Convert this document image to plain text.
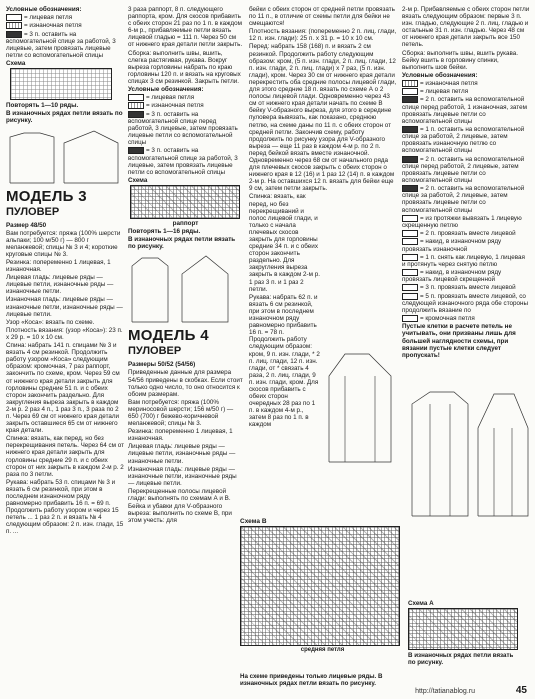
Условные обозначения:

= лицевая петля

= изнаночная петля

= 3 п. оставить на вспомогательной спице за работой, 3 лицевые, затем провязать лицевые петли со вспомогательной спицы

Схема

Повторять 1—10 ряды.

В изнаночных рядах петли вязать по рисунку.

МОДЕЛЬ 3
ПУЛОВЕР

Размер 48/50

Вам потребуется: пряжа (100% шерсти альпаки; 100 м/50 г) — 800 г меланжевой; спицы № 3 и 4; короткие круговые спицы № 3.

Резинка: попеременно 1 лицевая, 1 изнаночная.

Лицевая гладь: лицевые ряды — лицевые петли, изнаночные ряды — изнаночные петли.

Изнаночная гладь: лицевые ряды — изнаночные петли, изнаночные ряды — лицевые петли.

Узор «Коса»: вязать по схеме.

Плотность вязания: (узор «Коса»): 23 п. x 29 р. = 10 x 10 см.

Спина: набрать 141 п. спицами № 3 и вязать 4 см резинкой. Продолжить работу узором «Коса» следующим образом: кромочная, 7 раз раппорт, закончить по схеме, кром. Через 59 см от нижнего края детали закрыть для горловины средние 51 п. и с обеих сторон закончить раздельно. Для закругления выреза закрыть в каждом 2-м р. 2 раз 4 п., 1 раз 3 п., 3 раза по 2 п. Через 69 см от нижнего края детали закрыть оставшиеся 65 см от нижнего края детали.

Спинка: вязать, как перед, но без перекрещивания петель. Через 64 см от нижнего края детали закрыть для горловины средние 29 п. и с обеих сторон от них закрыть в каждом 2-м р. 2 раза по 3 петли.

Рукава: набрать 53 п. спицами № 3 и вязать 6 см резинкой, при этом в последнем изнаночном ряду равномерно прибавить 16 п. = 69 п. Продолжить работу узором и через 15 петель ... 1 раз 2 п. и вязать № 4 следующим образом: 2 п. изн. глади, 15 п. ...

3 раза раппорт, 8 п. следующего раппорта, кром. Для скосов прибавить с обеих сторон 21 раз по 1 п. в каждом 6-м р., прибавляемые петли вязать лицевой гладью = 111 п. Через 50 см от нижнего края детали петли закрыть.

Сборка: выполнить швы, вшить, слегка растягивая, рукава. Вокруг выреза горловины набрать по краю горловины 120 п. и вязать на круговых спицах 3 см резинкой. Закрыть петли.

Условные обозначения:

= лицевая петля

= изнаночная петля

= 3 п. оставить на вспомогательной спице перед работой, 3 лицевые, затем провязать лицевые петли со вспомогательной спицы

= 3 п. оставить на вспомогательной спице за работой, 3 лицевые, затем провязать лицевые петли со вспомогательной спицы

Схема

раппорт

Повторять 1—16 ряды.

В изнаночных рядах петли вязать по рисунку.

МОДЕЛЬ 4
ПУЛОВЕР

Размеры 50/52 (54/56)

Приведенные данные для размера 54/56 приведены в скобках. Если стоит только одно число, то оно относится к обоим размерам.

Вам потребуется: пряжа (100% мериносовой шерсти; 156 м/50 г) — 650 (700) г бежево-коричневой меланжевой; спицы № 3.

Резинка: попеременно 1 лицевая, 1 изнаночная.

Лицевая гладь: лицевые ряды — лицевые петли, изнаночные ряды — изнаночные петли.

Изнаночная гладь: лицевые ряды — изнаночные петли, изнаночные ряды — лицевые петли.

Перекрещенные полосы лицевой глади: выполнять по схемам А и В.

Бейка и убавки для V-образного выреза: выполнить по схеме В, при этом учесть: для

бейки с обеих сторон от средней петли провязать по 11 п., в отличие от схемы петли для бейки не смещаются!

Плотность вязания: (попеременно 2 п. лиц. глади, 12 п. изн. глади): 25 п. x 31 р. = 10 x 10 см.

Перед: набрать 158 (168) п. и вязать 2 см резинкой. Продолжить работу следующим образом: кром, (5 п. изн. глади, 2 п. лиц. глади, 12 п. изн. глади, 2 п. лиц. глади) x 7 раз, (5 п. изн. глади), кром. Через 30 см от нижнего края детали перекрестить оба средние полосы лицевой глади, для этого средние 18 п. вязать по схеме А о 2 полосы лицевой глади. Одновременно через 43 см от нижнего края детали начать по схеме В бейку V-образного выреза, для этого в середине пуловера вывязать, как показано, среднюю петлю, на схеме даны по 11 п. с обеих сторон от средней петли. Закончив схему, работу продолжить по рисунку узора для V-образного выреза — еще 11 раз в каждом 4-м р. по 2 п. перед бейкой вязать вместе изнаночной. Одновременно через 68 см от начального ряда для плечевых скосов закрыть с обеих сторон о нижнего края в 12 (16) и 1 раз 12 (14) п. в каждом 2-м р. На оставшихся 12 п. вязать для бейки еще 9 см, затем петли закрыть.

Спинка: вязать, как перед, но без перекрещиваний и полос лицевой глади, и только с начала плечевых скосов закрыть для горловины средние 34 п. и с обеих сторон закончить раздельно. Для закругления выреза закрыть в каждом 2-м р. 1 раз 3 п. и 1 раз 2 петли.

Рукава: набрать 62 п. и вязать 6 см резинкой, при этом в последнем изнаночном ряду равномерно прибавить 16 п. = 78 п. Продолжить работу следующим образом: кром, 9 п. изн. глади, * 2 п. лиц. глади, 12 п. изн. глади, от * связать 4 раза, 2 п. лиц. глади, 9 п. изн. глади, кром. Для скосов прибавить с обеих сторон очередных 28 раз по 1 п. в каждом 4-м р., затем 8 раз по 1 п. в каждом

Схема В

средняя петля

На схеме приведены только лицевые ряды. В изнаночных рядах петли вязать по рисунку.

2-м р. Прибавляемые с обеих сторон петли вязать следующим образом: первые 3 п. изн. гладью, следующие 2 п. лиц. гладью и остальные 31 п. изн. гладью. Через 48 см от нижнего края детали закрыть все 150 петель.

Сборка: выполнить швы, вшить рукава. Бейку вшить в горловину спинки, выполнить шов бейки.

Условные обозначения:

= изнаночная петля

= лицевая петля

= 2 п. оставить на вспомогательной спице перед работой, 1 изнаночная, затем провязать лицевые петли со вспомогательной спицы

= 1 п. оставить на вспомогательной спице за работой, 2 лицевые, затем провязать изнаночную петлю со вспомогательной спицы

= 2 п. оставить на вспомогательной спице перед работой, 2 лицевые, затем провязать лицевые петли со вспомогательной спицы

= 2 п. оставить на вспомогательной спице за работой, 2 лицевые, затем провязать лицевые петли со вспомогательной спицы

= из протяжки вывязать 1 лицевую скрещенную петлю

= 2 п. провязать вместе лицевой

= накид, в изнаночном ряду провязать изнаночной

= 1 п. снять как лицевую, 1 лицевая и протянуть через снятую петлю

= накид, в изнаночном ряду провязать лицевой скрещенной

= 3 п. провязать вместе лицевой

= 5 п. провязать вместе лицевой, со следующей изнаночного ряда обе стороны продолжить вязание по

= кромочная петля

Пустые клетки в расчете петель не учитывать, они призваны лишь для большей наглядности схемы, при вязании пустые клетки следует пропускать!

Схема А

В изнаночных рядах петли вязать по рисунку.

http://tatianablog.ru	45
